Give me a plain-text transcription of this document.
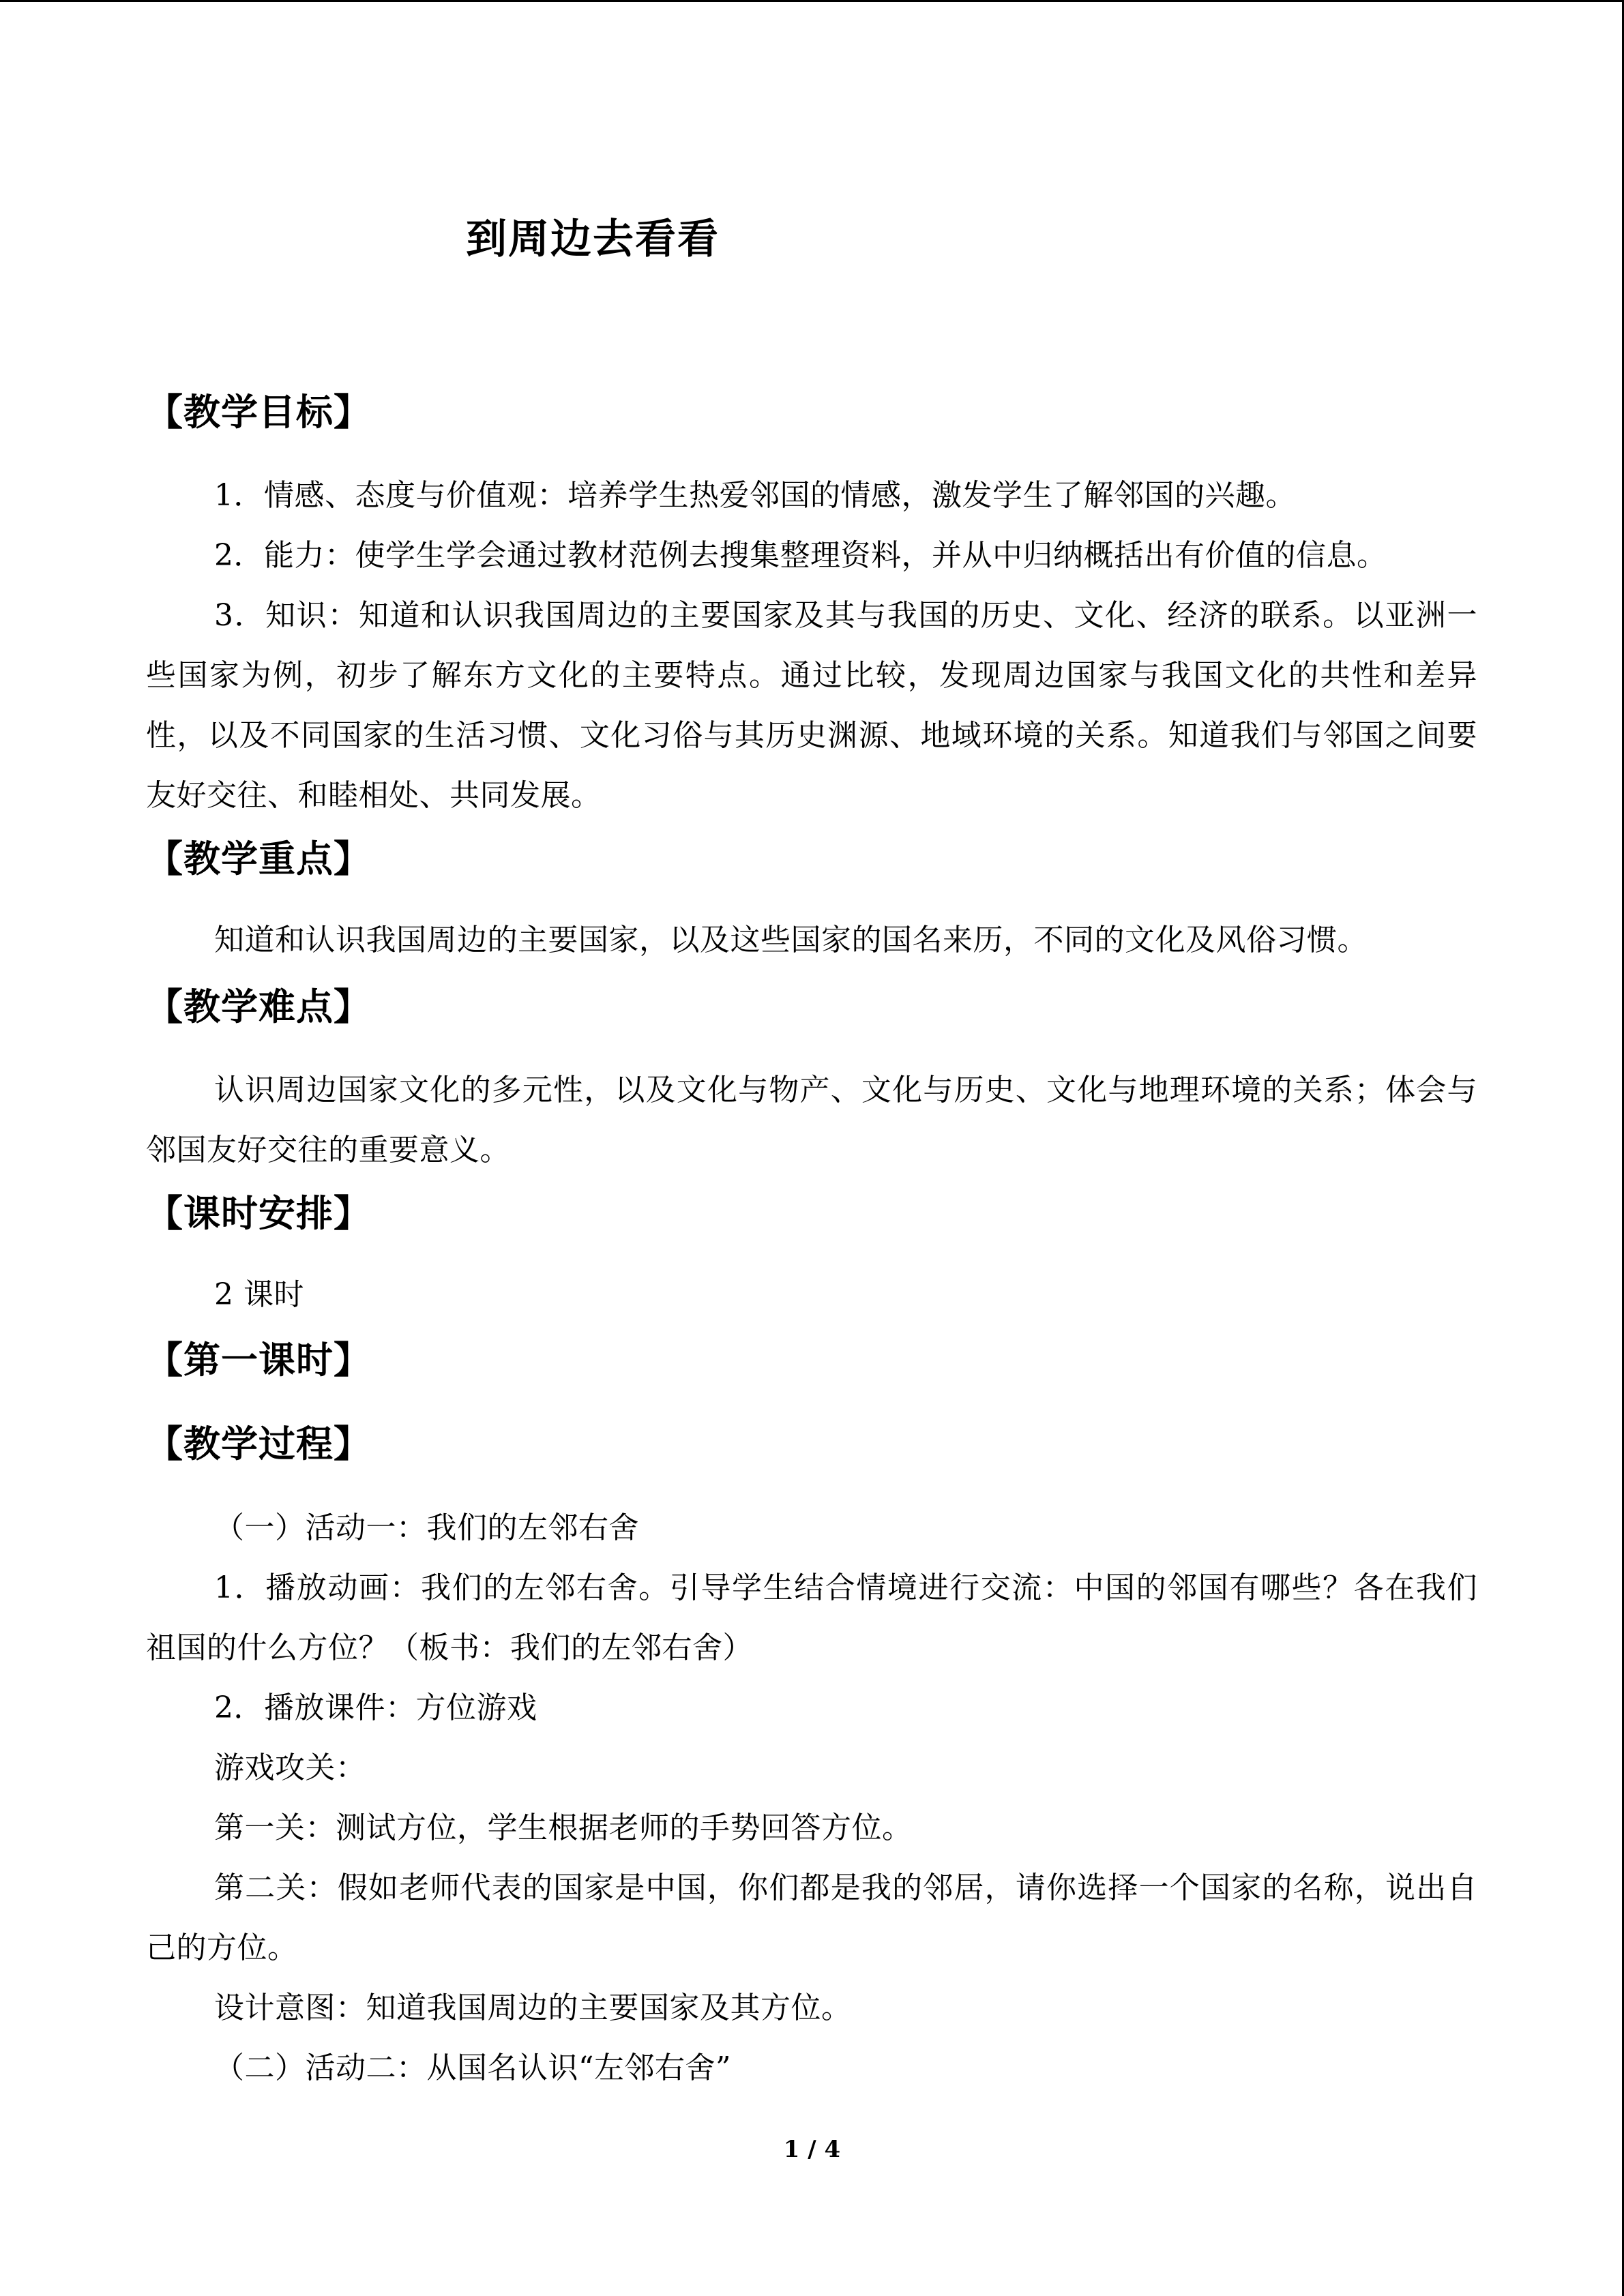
到周边去看看
【教学目标】
1．情感、态度与价值观：培养学生热爱邻国的情感，激发学生了解邻国的兴趣。
2．能力：使学生学会通过教材范例去搜集整理资料，并从中归纳概括出有价值的信息。
3．知识：知道和认识我国周边的主要国家及其与我国的历史、文化、经济的联系。以亚洲一些国家为例，初步了解东方文化的主要特点。通过比较，发现周边国家与我国文化的共性和差异性，以及不同国家的生活习惯、文化习俗与其历史渊源、地域环境的关系。知道我们与邻国之间要友好交往、和睦相处、共同发展。
【教学重点】
知道和认识我国周边的主要国家，以及这些国家的国名来历，不同的文化及风俗习惯。
【教学难点】
认识周边国家文化的多元性，以及文化与物产、文化与历史、文化与地理环境的关系；体会与邻国友好交往的重要意义。
【课时安排】
2 课时
【第一课时】
【教学过程】
（一）活动一：我们的左邻右舍
1．播放动画：我们的左邻右舍。引导学生结合情境进行交流：中国的邻国有哪些？各在我们祖国的什么方位？（板书：我们的左邻右舍）
2．播放课件：方位游戏
游戏攻关：
第一关：测试方位，学生根据老师的手势回答方位。
第二关：假如老师代表的国家是中国，你们都是我的邻居，请你选择一个国家的名称，说出自己的方位。
设计意图：知道我国周边的主要国家及其方位。
（二）活动二：从国名认识“左邻右舍”
1 / 4
